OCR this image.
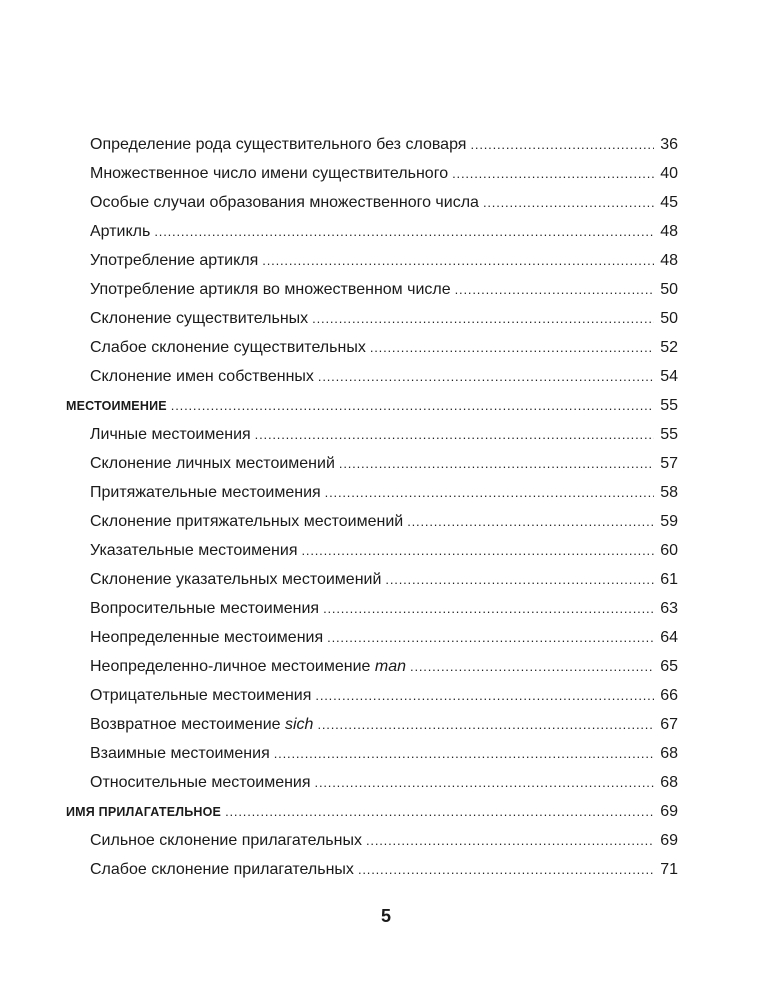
Определение рода существительного без словаря . . .	36
Множественное число имени существительного . . .	40
Особые случаи образования множественного числа . . .	45
Артикль . . .	48
Употребление артикля . . .	48
Употребление артикля во множественном числе . . .	50
Склонение существительных . . .	50
Слабое склонение существительных . . .	52
Склонение имен собственных . . .	54
МЕСТОИМЕНИЕ . . .	55
Личные местоимения . . .	55
Склонение личных местоимений . . .	57
Притяжательные местоимения . . .	58
Склонение притяжательных местоимений . . .	59
Указательные местоимения . . .	60
Склонение указательных местоимений . . .	61
Вопросительные местоимения . . .	63
Неопределенные местоимения . . .	64
Неопределенно-личное местоимение man . . .	65
Отрицательные местоимения . . .	66
Возвратное местоимение sich . . .	67
Взаимные местоимения . . .	68
Относительные местоимения . . .	68
ИМЯ ПРИЛАГАТЕЛЬНОЕ . . .	69
Сильное склонение прилагательных . . .	69
Слабое склонение прилагательных . . .	71
5
